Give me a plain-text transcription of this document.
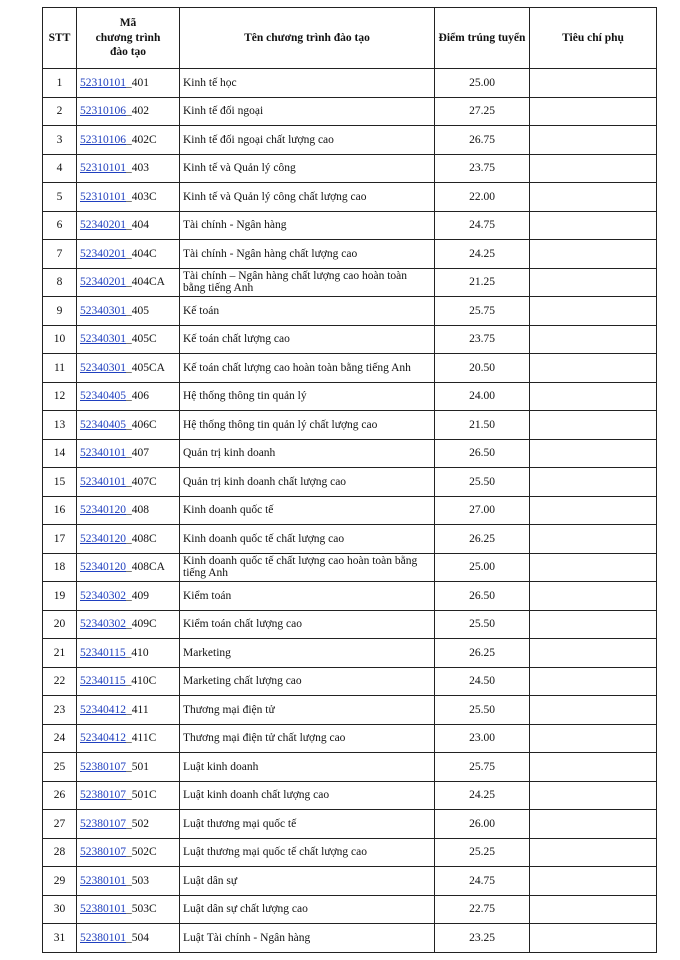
STT	Mã
chương trình
đào tạo	Tên chương trình đào tạo	Điểm trúng tuyển	Tiêu chí phụ
1	52310101_401	Kinh tế học	25.00	
2	52310106_402	Kinh tế đối ngoại	27.25	
3	52310106_402C	Kinh tế đối ngoại chất lượng cao	26.75	
4	52310101_403	Kinh tế và Quản lý công	23.75	
5	52310101_403C	Kinh tế và Quản lý công chất lượng cao	22.00	
6	52340201_404	Tài chính - Ngân hàng	24.75	
7	52340201_404C	Tài chính - Ngân hàng chất lượng cao	24.25	
8	52340201_404CA	Tài chính – Ngân hàng chất lượng cao hoàn toàn bằng tiếng Anh	21.25	
9	52340301_405	Kế toán	25.75	
10	52340301_405C	Kế toán chất lượng cao	23.75	
11	52340301_405CA	Kế toán chất lượng cao hoàn toàn bằng tiếng Anh	20.50	
12	52340405_406	Hệ thống thông tin quản lý	24.00	
13	52340405_406C	Hệ thống thông tin quản lý chất lượng cao	21.50	
14	52340101_407	Quản trị kinh doanh	26.50	
15	52340101_407C	Quản trị kinh doanh chất lượng cao	25.50	
16	52340120_408	Kinh doanh quốc tế	27.00	
17	52340120_408C	Kinh doanh quốc tế chất lượng cao	26.25	
18	52340120_408CA	Kinh doanh quốc tế chất lượng cao hoàn toàn bằng tiếng Anh	25.00	
19	52340302_409	Kiểm toán	26.50	
20	52340302_409C	Kiểm toán chất lượng cao	25.50	
21	52340115_410	Marketing	26.25	
22	52340115_410C	Marketing chất lượng cao	24.50	
23	52340412_411	Thương mại điện tử	25.50	
24	52340412_411C	Thương mại điện tử chất lượng cao	23.00	
25	52380107_501	Luật kinh doanh	25.75	
26	52380107_501C	Luật kinh doanh chất lượng cao	24.25	
27	52380107_502	Luật thương mại quốc tế	26.00	
28	52380107_502C	Luật thương mại quốc tế chất lượng cao	25.25	
29	52380101_503	Luật dân sự	24.75	
30	52380101_503C	Luật dân sự chất lượng cao	22.75	
31	52380101_504	Luật Tài chính - Ngân hàng	23.25	
